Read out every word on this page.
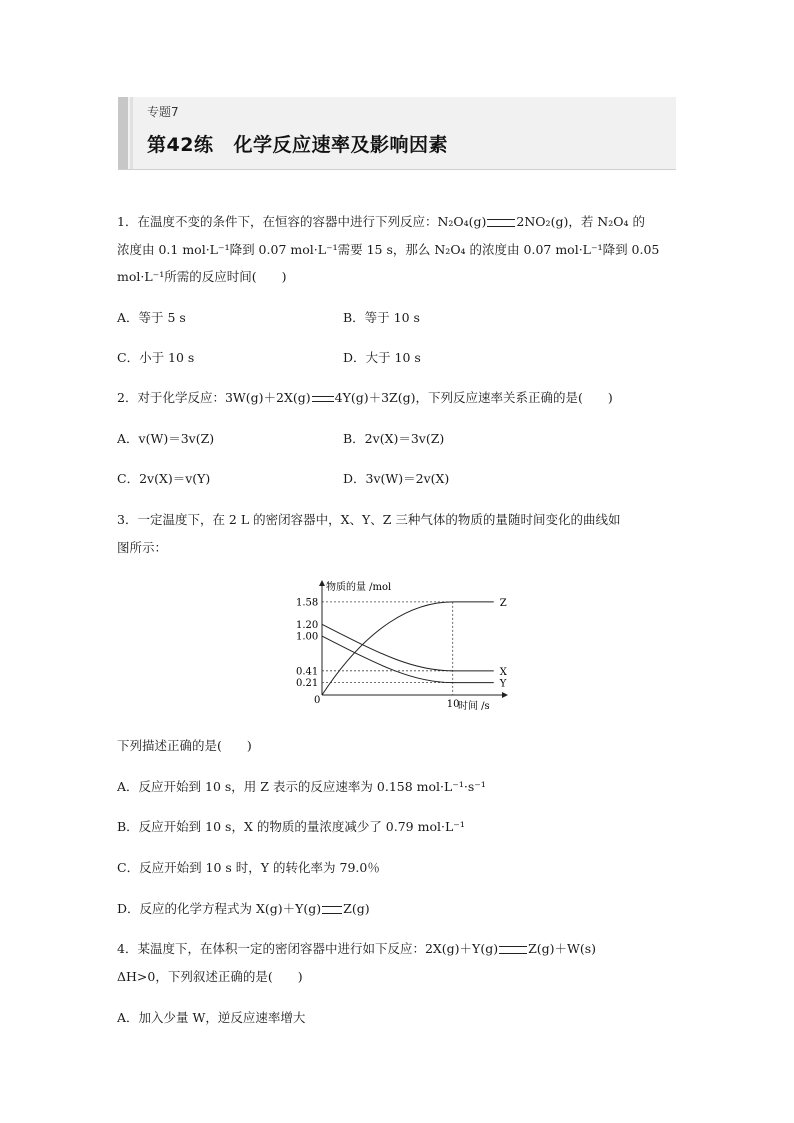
专题7
第42练 化学反应速率及影响因素
1．在温度不变的条件下，在恒容的容器中进行下列反应：N₂O₄(g) 2NO₂(g)，若 N₂O₄ 的
浓度由 0.1 mol·L⁻¹降到 0.07 mol·L⁻¹需要 15 s，那么 N₂O₄ 的浓度由 0.07 mol·L⁻¹降到 0.05
mol·L⁻¹所需的反应时间(　　)
A．等于 5 s	B．等于 10 s
C．小于 10 s	D．大于 10 s
2．对于化学反应：3W(g)＋2X(g) 4Y(g)＋3Z(g)，下列反应速率关系正确的是(　　)
A．v(W)＝3v(Z)	B．2v(X)＝3v(Z)
C．2v(X)＝v(Y)	D．3v(W)＝2v(X)
3．一定温度下，在 2 L 的密闭容器中，X、Y、Z 三种气体的物质的量随时间变化的曲线如
图所示：
物质的量 /mol
时间 /s
0	10
1.58
1.20
1.00
0.41
0.21
Z
X
Y
下列描述正确的是(　　)
A．反应开始到 10 s，用 Z 表示的反应速率为 0.158 mol·L⁻¹·s⁻¹
B．反应开始到 10 s，X 的物质的量浓度减少了 0.79 mol·L⁻¹
C．反应开始到 10 s 时，Y 的转化率为 79.0％
D．反应的化学方程式为 X(g)＋Y(g) Z(g)
4．某温度下，在体积一定的密闭容器中进行如下反应：2X(g)＋Y(g) Z(g)＋W(s)
ΔH>0，下列叙述正确的是(　　)
A．加入少量 W，逆反应速率增大
